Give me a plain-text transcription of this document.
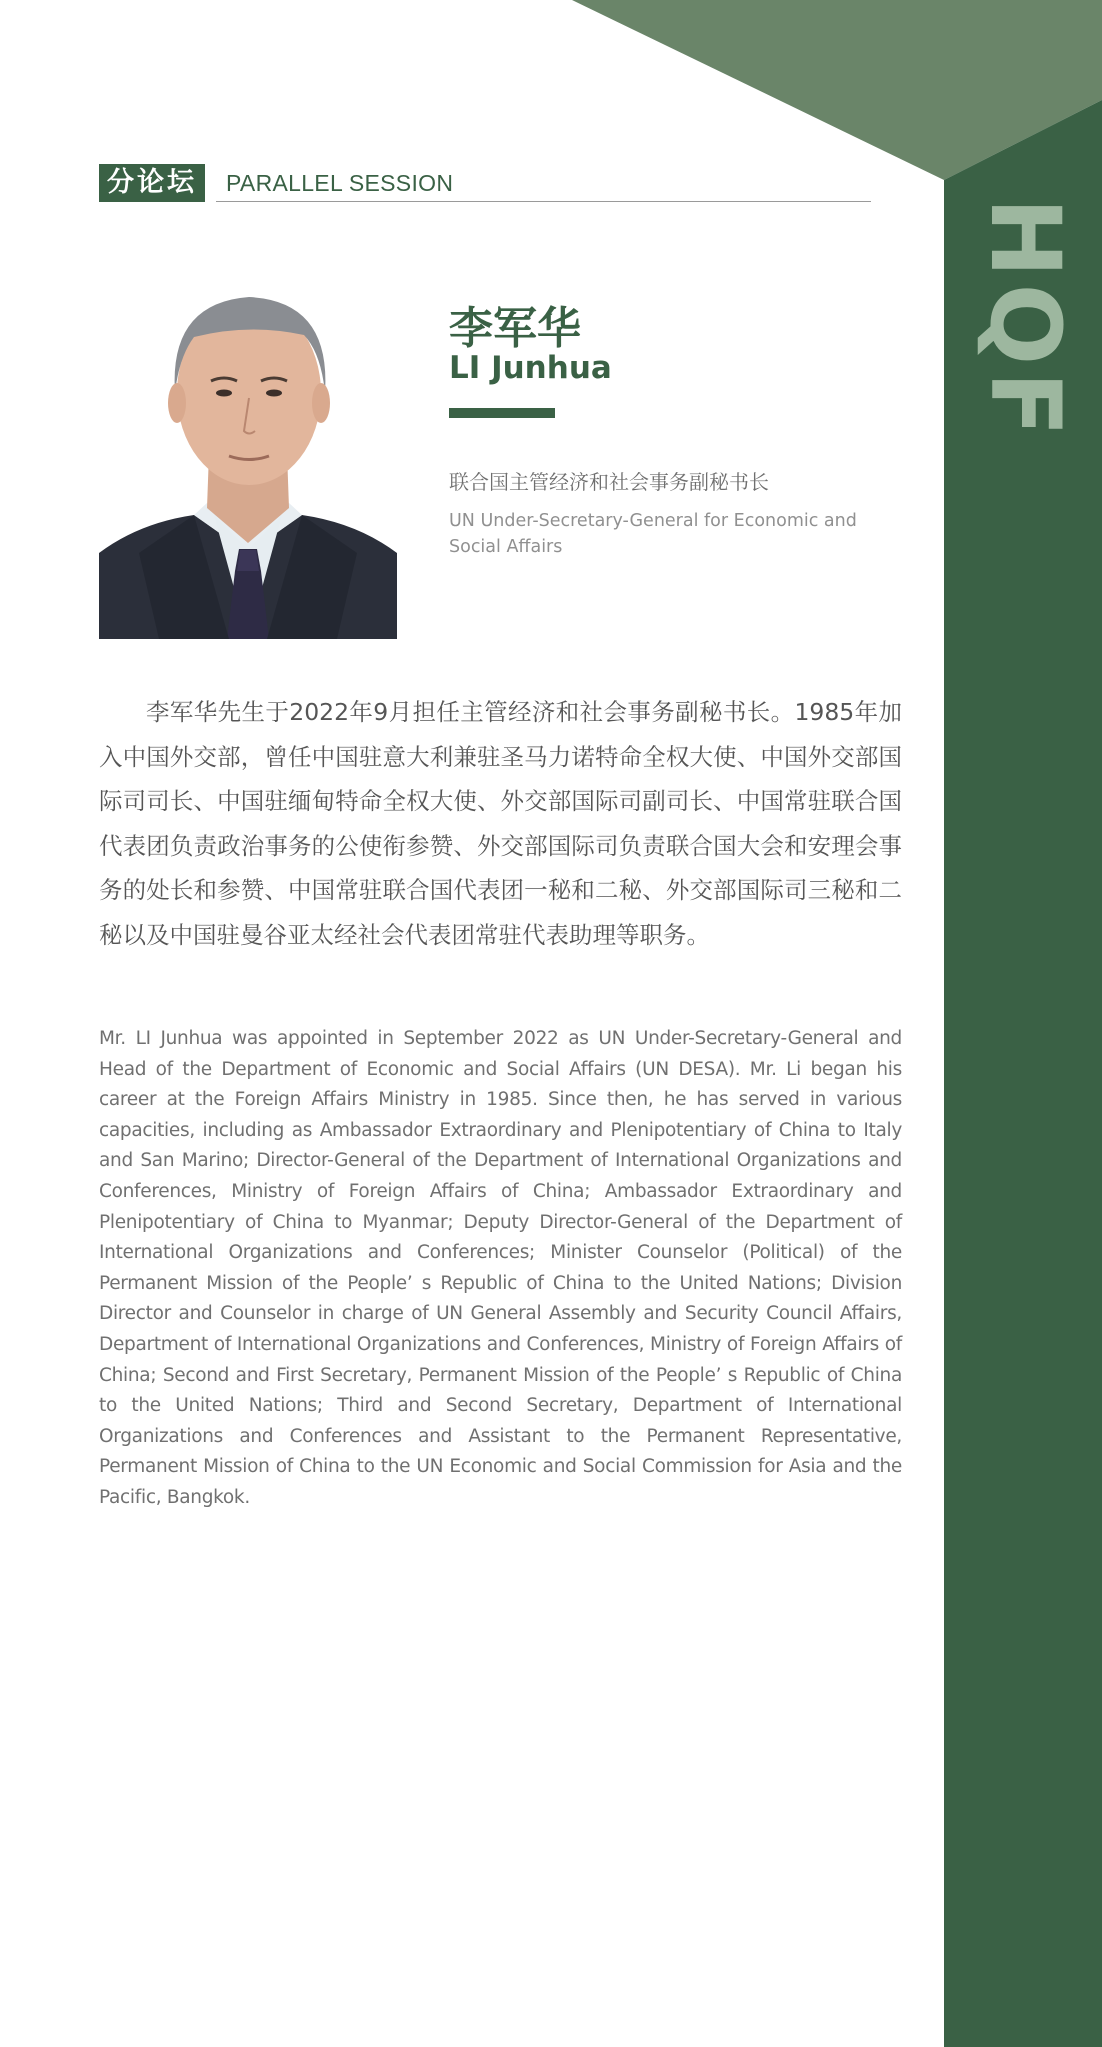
HQF
分论坛	PARALLEL SESSION
李军华
LI Junhua
联合国主管经济和社会事务副秘书长
UN Under-Secretary-General for Economic and Social Affairs

李军华先生于2022年9月担任主管经济和社会事务副秘书长。1985年加入中国外交部，曾任中国驻意大利兼驻圣马力诺特命全权大使、中国外交部国际司司长、中国驻缅甸特命全权大使、外交部国际司副司长、中国常驻联合国代表团负责政治事务的公使衔参赞、外交部国际司负责联合国大会和安理会事务的处长和参赞、中国常驻联合国代表团一秘和二秘、外交部国际司三秘和二秘以及中国驻曼谷亚太经社会代表团常驻代表助理等职务。

Mr. LI Junhua was appointed in September 2022 as UN Under-Secretary-General and Head of the Department of Economic and Social Affairs (UN DESA). Mr. Li began his career at the Foreign Affairs Ministry in 1985. Since then, he has served in various capacities, including as Ambassador Extraordinary and Plenipotentiary of China to Italy and San Marino; Director-General of the Department of International Organizations and Conferences, Ministry of Foreign Affairs of China; Ambassador Extraordinary and Plenipotentiary of China to Myanmar; Deputy Director-General of the Department of International Organizations and Conferences; Minister Counselor (Political) of the Permanent Mission of the People’ s Republic of China to the United Nations; Division Director and Counselor in charge of UN General Assembly and Security Council Affairs, Department of International Organizations and Conferences, Ministry of Foreign Affairs of China; Second and First Secretary, Permanent Mission of the People’ s Republic of China to the United Nations; Third and Second Secretary, Department of International Organizations and Conferences and Assistant to the Permanent Representative, Permanent Mission of China to the UN Economic and Social Commission for Asia and the Pacific, Bangkok.
